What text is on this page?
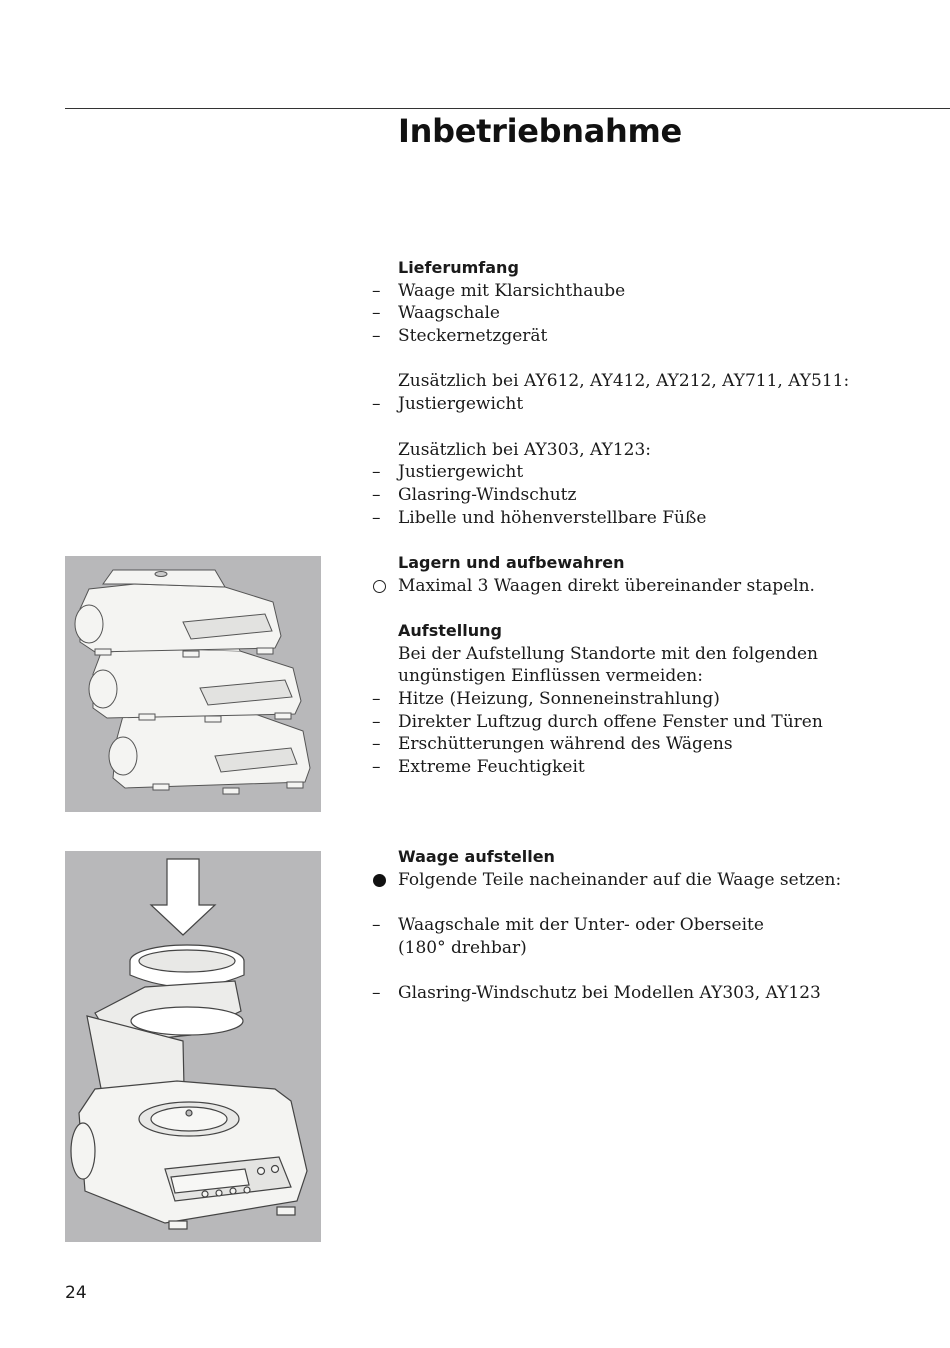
Inbetriebnahme
Lieferumfang
– Waage mit Klarsichthaube
– Waagschale
– Steckernetzgerät
Zusätzlich bei AY612, AY412, AY212, AY711, AY511:
– Justiergewicht
Zusätzlich bei AY303, AY123:
– Justiergewicht
– Glasring-Windschutz
– Libelle und höhenverstellbare Füße
Lagern und aufbewahren
Maximal 3 Waagen direkt übereinander stapeln.
Aufstellung
Bei der Aufstellung Standorte mit den folgenden
ungünstigen Einflüssen vermeiden:
– Hitze (Heizung, Sonneneinstrahlung)
– Direkter Luftzug durch offene Fenster und Türen
– Erschütterungen während des Wägens
– Extreme Feuchtigkeit
Waage aufstellen
Folgende Teile nacheinander auf die Waage setzen:
– Waagschale mit der Unter- oder Oberseite
(180° drehbar)
– Glasring-Windschutz bei Modellen AY303, AY123
24
